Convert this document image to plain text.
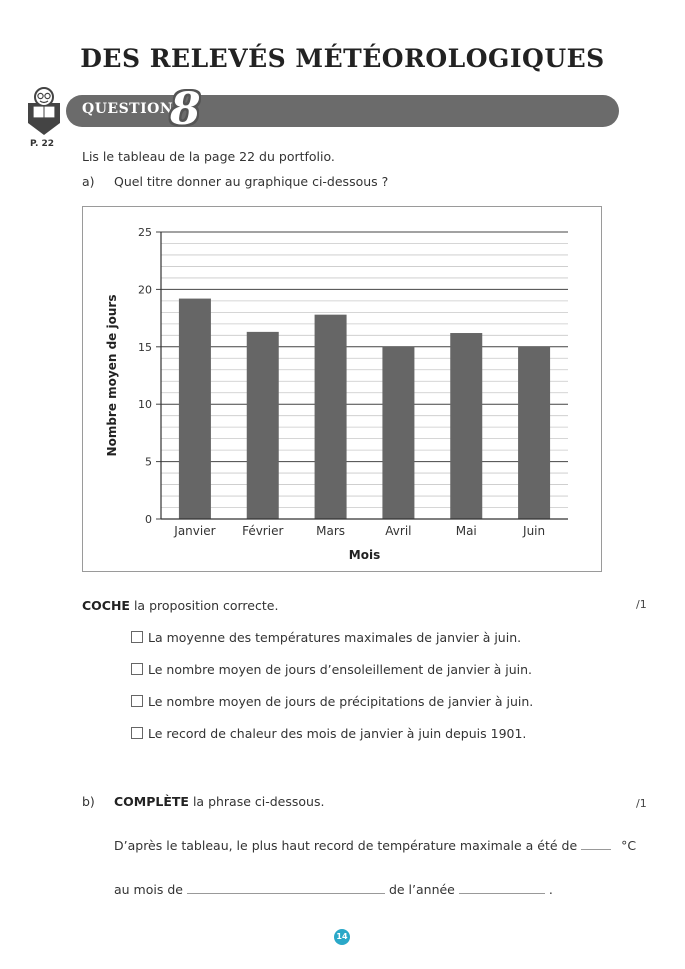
DES RELEVÉS MÉTÉOROLOGIQUES
P. 22
QUESTION
8
Lis le tableau de la page 22 du portfolio.
a) Quel titre donner au graphique ci-dessous ?
0
5
10
15
20
25
Janvier Février	Mars	Avril	Mai	Juin
Mois
Nombre moyen de jours
COCHE la proposition correcte.	/1
La moyenne des températures maximales de janvier à juin.
Le nombre moyen de jours d’ensoleillement de janvier à juin.
Le nombre moyen de jours de précipitations de janvier à juin.
Le record de chaleur des mois de janvier à juin depuis 1901.
b) COMPLÈTE la phrase ci-dessous.	/1
D’après le tableau, le plus haut record de température maximale a été de	°C
au mois de	de l’année	.
14
